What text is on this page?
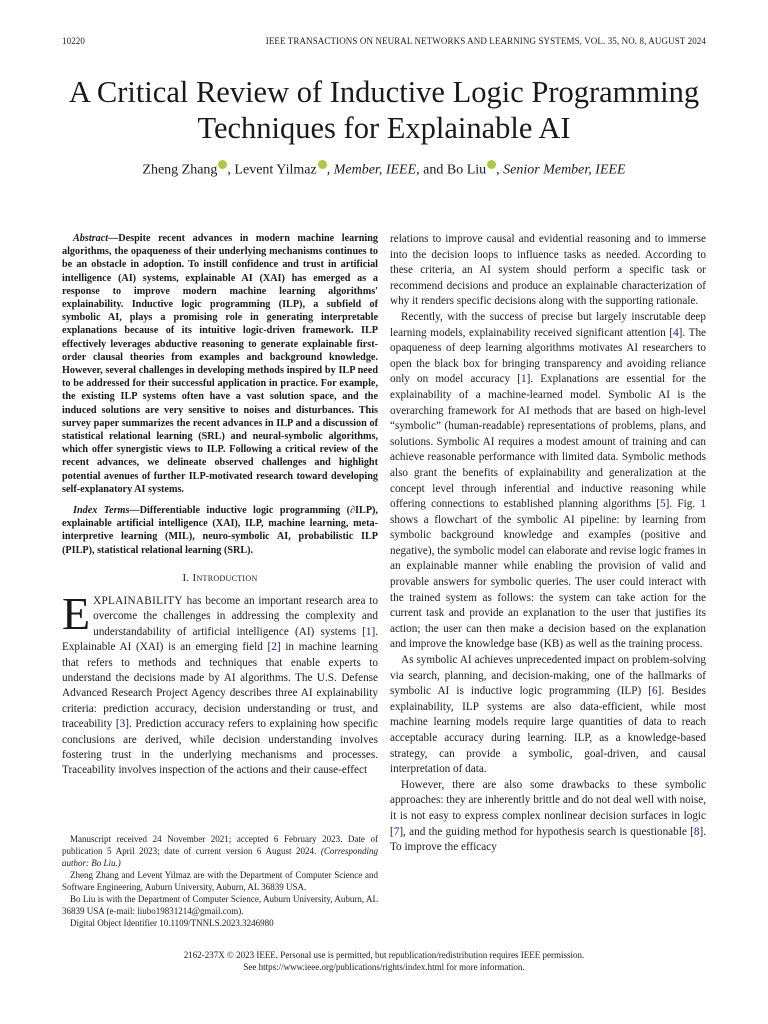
10220	IEEE TRANSACTIONS ON NEURAL NETWORKS AND LEARNING SYSTEMS, VOL. 35, NO. 8, AUGUST 2024
A Critical Review of Inductive Logic Programming
Techniques for Explainable AI
Zheng Zhang , Levent Yilmaz , Member, IEEE, and Bo Liu , Senior Member, IEEE

Abstract—Despite recent advances in modern machine learning algorithms, the opaqueness of their underlying mechanisms continues to be an obstacle in adoption. To instill confidence and trust in artificial intelligence (AI) systems, explainable AI (XAI) has emerged as a response to improve modern machine learning algorithms' explainability. Inductive logic programming (ILP), a subfield of symbolic AI, plays a promising role in generating interpretable explanations because of its intuitive logic-driven framework. ILP effectively leverages abductive reasoning to generate explainable first-order clausal theories from examples and background knowledge. However, several challenges in developing methods inspired by ILP need to be addressed for their successful application in practice. For example, the existing ILP systems often have a vast solution space, and the induced solutions are very sensitive to noises and disturbances. This survey paper summarizes the recent advances in ILP and a discussion of statistical relational learning (SRL) and neural-symbolic algorithms, which offer synergistic views to ILP. Following a critical review of the recent advances, we delineate observed challenges and highlight potential avenues of further ILP-motivated research toward developing self-explanatory AI systems.

Index Terms—Differentiable inductive logic programming (∂ILP), explainable artificial intelligence (XAI), ILP, machine learning, meta-interpretive learning (MIL), neuro-symbolic AI, probabilistic ILP (PILP), statistical relational learning (SRL).

I. Introduction

EXPLAINABILITY has become an important research area to overcome the challenges in addressing the complexity and understandability of artificial intelligence (AI) systems [1]. Explainable AI (XAI) is an emerging field [2] in machine learning that refers to methods and techniques that enable experts to understand the decisions made by AI algorithms. The U.S. Defense Advanced Research Project Agency describes three AI explainability criteria: prediction accuracy, decision understanding or trust, and traceability [3]. Prediction accuracy refers to explaining how specific conclusions are derived, while decision understanding involves fostering trust in the underlying mechanisms and processes. Traceability involves inspection of the actions and their cause-effect

Manuscript received 24 November 2021; accepted 6 February 2023. Date of publication 5 April 2023; date of current version 6 August 2024. (Corresponding author: Bo Liu.)

Zheng Zhang and Levent Yilmaz are with the Department of Computer Science and Software Engineering, Auburn University, Auburn, AL 36839 USA.

Bo Liu is with the Department of Computer Science, Auburn University, Auburn, AL 36839 USA (e-mail: liubo19831214@gmail.com).

Digital Object Identifier 10.1109/TNNLS.2023.3246980

relations to improve causal and evidential reasoning and to immerse into the decision loops to influence tasks as needed. According to these criteria, an AI system should perform a specific task or recommend decisions and produce an explainable characterization of why it renders specific decisions along with the supporting rationale.

Recently, with the success of precise but largely inscrutable deep learning models, explainability received significant attention [4]. The opaqueness of deep learning algorithms motivates AI researchers to open the black box for bringing transparency and avoiding reliance only on model accuracy [1]. Explanations are essential for the explainability of a machine-learned model. Symbolic AI is the overarching framework for AI methods that are based on high-level “symbolic” (human-readable) representations of problems, plans, and solutions. Symbolic AI requires a modest amount of training and can achieve reasonable performance with limited data. Symbolic methods also grant the benefits of explainability and generalization at the concept level through inferential and inductive reasoning while offering connections to established planning algorithms [5]. Fig. 1 shows a flowchart of the symbolic AI pipeline: by learning from symbolic background knowledge and examples (positive and negative), the symbolic model can elaborate and revise logic frames in an explainable manner while enabling the provision of valid and provable answers for symbolic queries. The user could interact with the trained system as follows: the system can take action for the current task and provide an explanation to the user that justifies its action; the user can then make a decision based on the explanation and improve the knowledge base (KB) as well as the training process.

As symbolic AI achieves unprecedented impact on problem-solving via search, planning, and decision-making, one of the hallmarks of symbolic AI is inductive logic programming (ILP) [6]. Besides explainability, ILP systems are also data-efficient, while most machine learning models require large quantities of data to reach acceptable accuracy during learning. ILP, as a knowledge-based strategy, can provide a symbolic, goal-driven, and causal interpretation of data.

However, there are also some drawbacks to these symbolic approaches: they are inherently brittle and do not deal well with noise, it is not easy to express complex nonlinear decision surfaces in logic [7], and the guiding method for hypothesis search is questionable [8]. To improve the efficacy

2162-237X © 2023 IEEE. Personal use is permitted, but republication/redistribution requires IEEE permission.
See https://www.ieee.org/publications/rights/index.html for more information.
